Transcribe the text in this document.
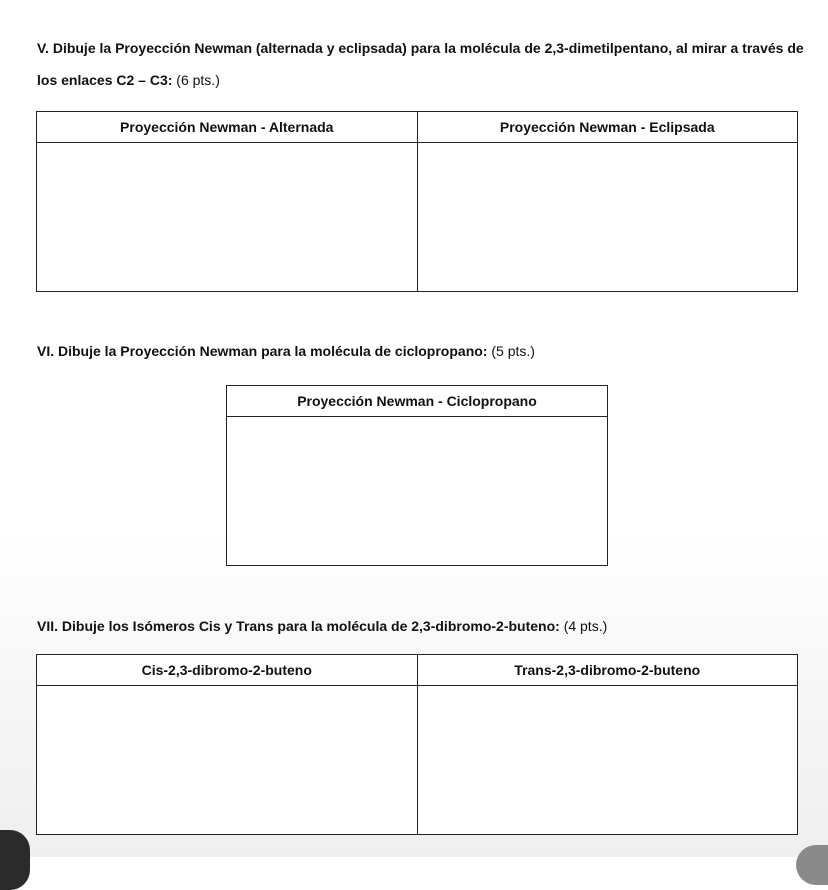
V. Dibuje la Proyección Newman (alternada y eclipsada) para la molécula de 2,3-dimetilpentano, al mirar a través de los enlaces C2 – C3: (6 pts.)
Proyección Newman - Alternada	Proyección Newman - Eclipsada

VI. Dibuje la Proyección Newman para la molécula de ciclopropano: (5 pts.)
Proyección Newman - Ciclopropano

VII. Dibuje los Isómeros Cis y Trans para la molécula de 2,3-dibromo-2-buteno: (4 pts.)
Cis-2,3-dibromo-2-buteno	Trans-2,3-dibromo-2-buteno
